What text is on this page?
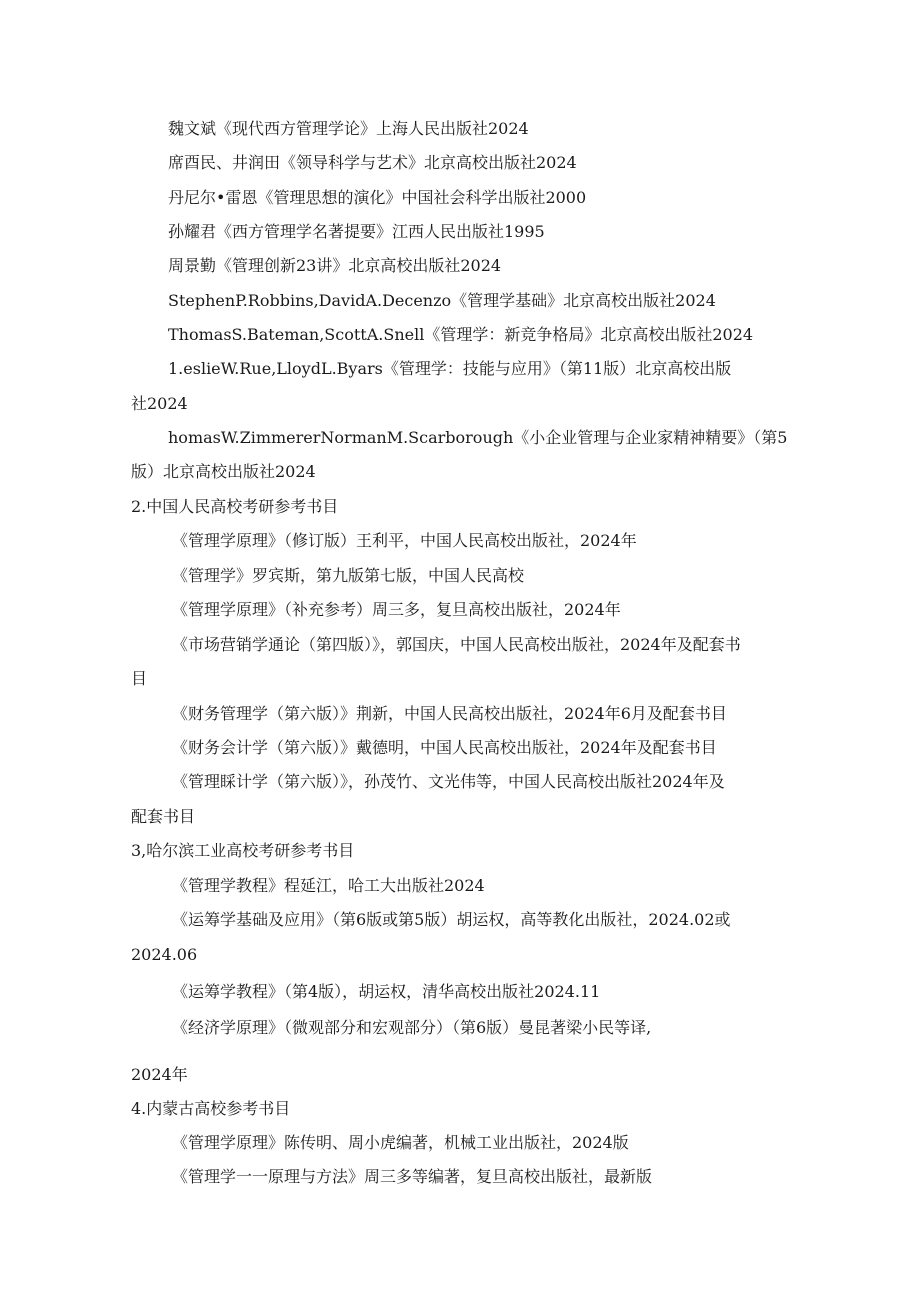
魏文斌《现代西方管理学论》上海人民出版社2024
席酉民、井润田《领导科学与艺术》北京高校出版社2024
丹尼尔•雷恩《管理思想的演化》中国社会科学出版社2000
孙耀君《西方管理学名著提要》江西人民出版社1995
周景勤《管理创新23讲》北京高校出版社2024
StephenP.Robbins,DavidA.Decenzo《管理学基础》北京高校出版社2024
ThomasS.Bateman,ScottA.Snell《管理学：新竞争格局》北京高校出版社2024
1.eslieW.Rue,LloydL.Byars《管理学：技能与应用》（第11版）北京高校出版
社2024
homasW.ZimmererNormanM.Scarborough《小企业管理与企业家精神精要》（第5
版）北京高校出版社2024
2.中国人民高校考研参考书目
《管理学原理》（修订版）王利平，中国人民高校出版社，2024年
《管理学》罗宾斯，第九版第七版，中国人民高校
《管理学原理》（补充参考）周三多，复旦高校出版社，2024年
《市场营销学通论（第四版）》，郭国庆，中国人民高校出版社，2024年及配套书
目
《财务管理学（第六版）》荆新，中国人民高校出版社，2024年6月及配套书目
《财务会计学（第六版）》戴德明，中国人民高校出版社，2024年及配套书目
《管理睬计学（第六版）》，孙茂竹、文光伟等，中国人民高校出版社2024年及
配套书目
3,哈尔滨工业高校考研参考书目
《管理学教程》程延江，哈工大出版社2024
《运筹学基础及应用》（第6版或第5版）胡运权，高等教化出版社，2024.02或
2024.06
《运筹学教程》（第4版），胡运权，清华高校出版社2024.11
《经济学原理》（微观部分和宏观部分）（第6版）曼昆著梁小民等译,
2024年
4.内蒙古高校参考书目
《管理学原理》陈传明、周小虎编著，机械工业出版社，2024版
《管理学一一原理与方法》周三多等编著，复旦高校出版社，最新版
